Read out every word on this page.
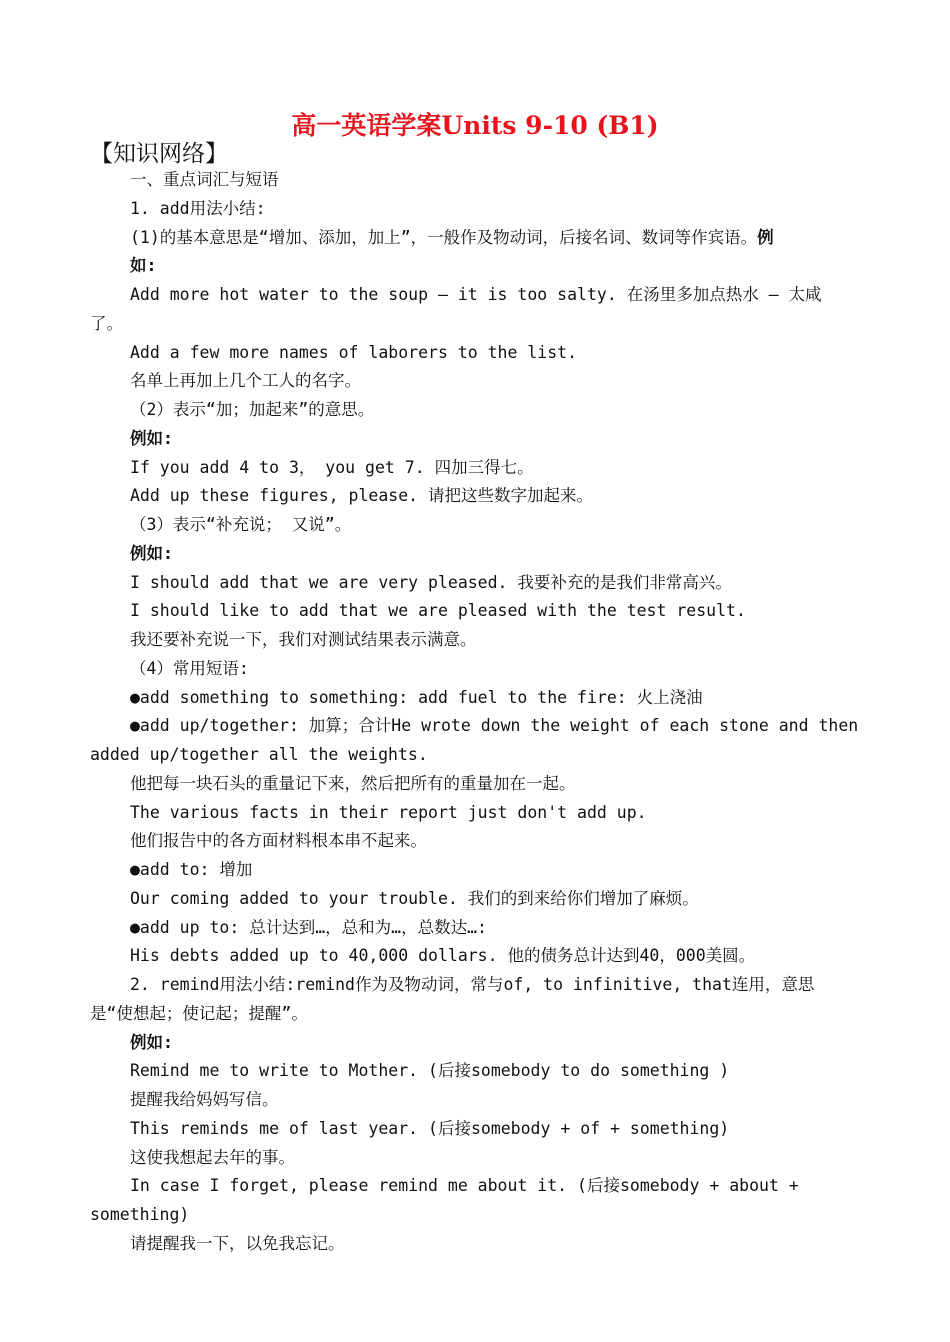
高一英语学案Units 9-10 (B1)
【知识网络】

一、重点词汇与短语

1. add用法小结:

(1)的基本意思是“增加、添加，加上”，一般作及物动词，后接名词、数词等作宾语。例

如:

Add more hot water to the soup – it is too salty. 在汤里多加点热水 – 太咸

了。

Add a few more names of laborers to the list.

名单上再加上几个工人的名字。

（2）表示“加；加起来”的意思。

例如:

If you add 4 to 3， you get 7. 四加三得七。

Add up these figures, please. 请把这些数字加起来。

（3）表示“补充说； 又说”。

例如:

I should add that we are very pleased. 我要补充的是我们非常高兴。

I should like to add that we are pleased with the test result.

我还要补充说一下，我们对测试结果表示满意。

（4）常用短语:

●add something to something: add fuel to the fire: 火上浇油

●add up/together: 加算；合计He wrote down the weight of each stone and then

added up/together all the weights.

他把每一块石头的重量记下来，然后把所有的重量加在一起。

The various facts in their report just don't add up.

他们报告中的各方面材料根本串不起来。

●add to: 增加

Our coming added to your trouble. 我们的到来给你们增加了麻烦。

●add up to: 总计达到…，总和为…，总数达…:

His debts added up to 40,000 dollars. 他的债务总计达到40，000美圆。

2. remind用法小结:remind作为及物动词，常与of, to infinitive, that连用，意思

是“使想起；使记起；提醒”。

例如:

Remind me to write to Mother. (后接somebody to do something )

提醒我给妈妈写信。

This reminds me of last year. (后接somebody + of + something)

这使我想起去年的事。

In case I forget, please remind me about it. (后接somebody + about +

something)

请提醒我一下，以免我忘记。
